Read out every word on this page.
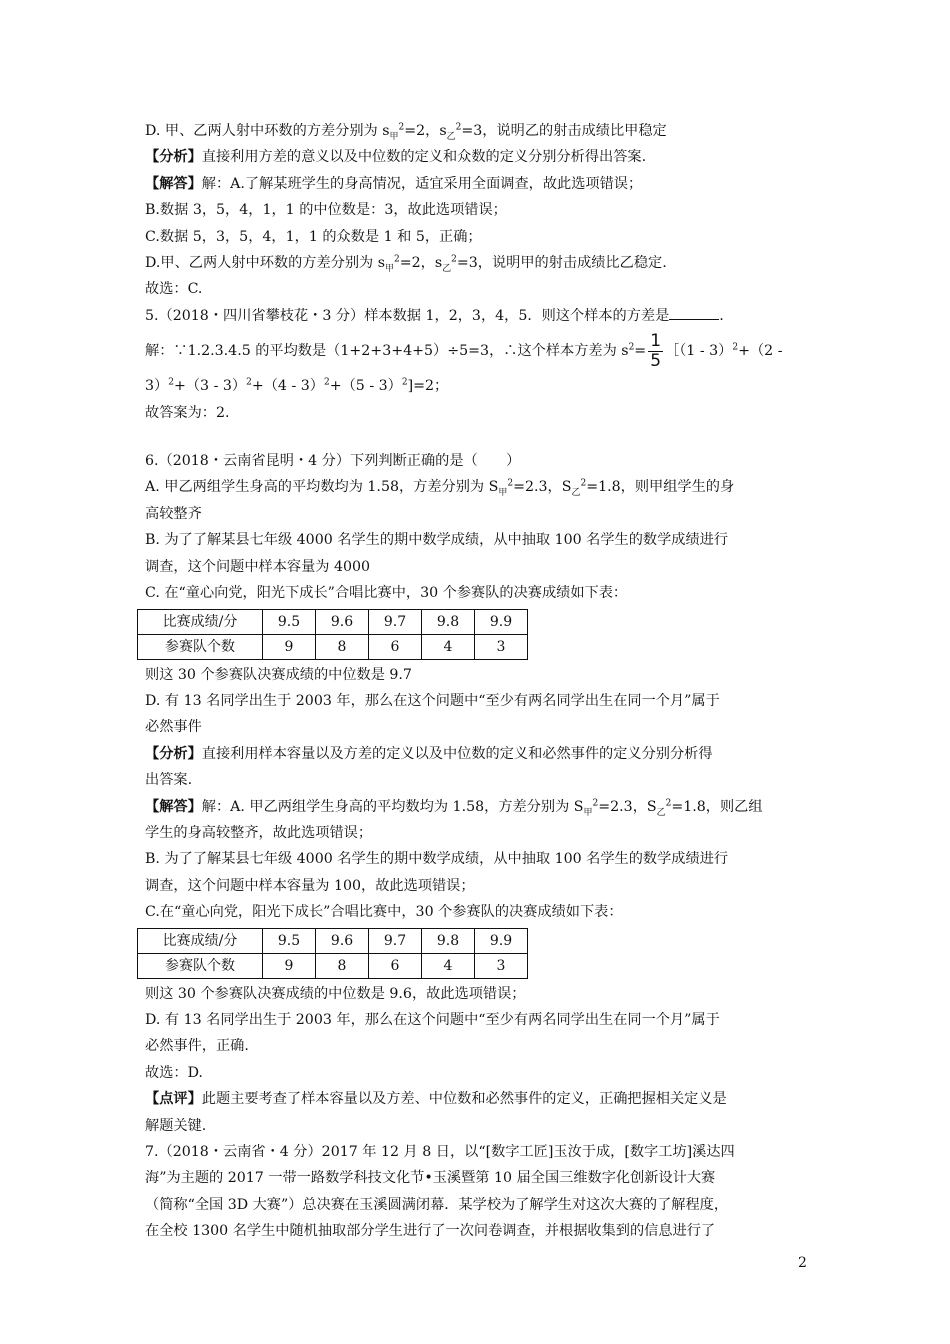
D. 甲、乙两人射中环数的方差分别为 $s_甲^2=2$，$s_乙^2=3$，说明乙的射击成绩比甲稳定
【分析】直接利用方差的意义以及中位数的定义和众数的定义分别分析得出答案.
【解答】解：A.了解某班学生的身高情况，适宜采用全面调查，故此选项错误；
B.数据 3，5，4，1，1 的中位数是：3，故此选项错误；
C.数据 5，3，5，4，1，1 的众数是 1 和 5，正确；
D.甲、乙两人射中环数的方差分别为 $s_甲^2=2$，$s_乙^2=3$，说明甲的射击成绩比乙稳定.
故选：C.
5.（2018・四川省攀枝花・3 分）样本数据 1，2，3，4，5．则这个样本的方差是	.
解：∵1.2.3.4.5 的平均数是（1+2+3+4+5）÷5=3，∴这个样本方差为 $s^2= \frac{1}{5}$ ［（1 - 3）$^2$+（2 -
3）$^2$+（3 - 3）$^2$+（4 - 3）$^2$+（5 - 3）$^2$]=2；
故答案为：2.
6.（2018・云南省昆明・4 分）下列判断正确的是（　　）
A. 甲乙两组学生身高的平均数均为 1.58，方差分别为 $S_甲^2=2.3$，$S_乙^2=1.8$，则甲组学生的身
高较整齐
B. 为了了解某县七年级 4000 名学生的期中数学成绩，从中抽取 100 名学生的数学成绩进行
调查，这个问题中样本容量为 4000
C. 在“童心向党，阳光下成长”合唱比赛中，30 个参赛队的决赛成绩如下表：
比赛成绩/分	9.5	9.6	9.7	9.8	9.9
参赛队个数	9	8	6	4	3
则这 30 个参赛队决赛成绩的中位数是 9.7
D. 有 13 名同学出生于 2003 年，那么在这个问题中“至少有两名同学出生在同一个月”属于
必然事件
【分析】直接利用样本容量以及方差的定义以及中位数的定义和必然事件的定义分别分析得
出答案.
【解答】解：A. 甲乙两组学生身高的平均数均为 1.58，方差分别为 $S_甲^2=2.3$，$S_乙^2=1.8$，则乙组
学生的身高较整齐，故此选项错误；
B. 为了了解某县七年级 4000 名学生的期中数学成绩，从中抽取 100 名学生的数学成绩进行
调查，这个问题中样本容量为 100，故此选项错误；
C.在“童心向党，阳光下成长”合唱比赛中，30 个参赛队的决赛成绩如下表：
比赛成绩/分	9.5	9.6	9.7	9.8	9.9
参赛队个数	9	8	6	4	3
则这 30 个参赛队决赛成绩的中位数是 9.6，故此选项错误；
D. 有 13 名同学出生于 2003 年，那么在这个问题中“至少有两名同学出生在同一个月”属于
必然事件，正确.
故选：D.
【点评】此题主要考查了样本容量以及方差、中位数和必然事件的定义，正确把握相关定义是
解题关键.
7.（2018・云南省・4 分）2017 年 12 月 8 日，以“[数字工匠]玉汝于成，[数字工坊]溪达四
海”为主题的 2017 一带一路数学科技文化节•玉溪暨第 10 届全国三维数字化创新设计大赛
（简称“全国 3D 大赛”）总决赛在玉溪圆满闭幕．某学校为了解学生对这次大赛的了解程度，
在全校 1300 名学生中随机抽取部分学生进行了一次问卷调查，并根据收集到的信息进行了
2
